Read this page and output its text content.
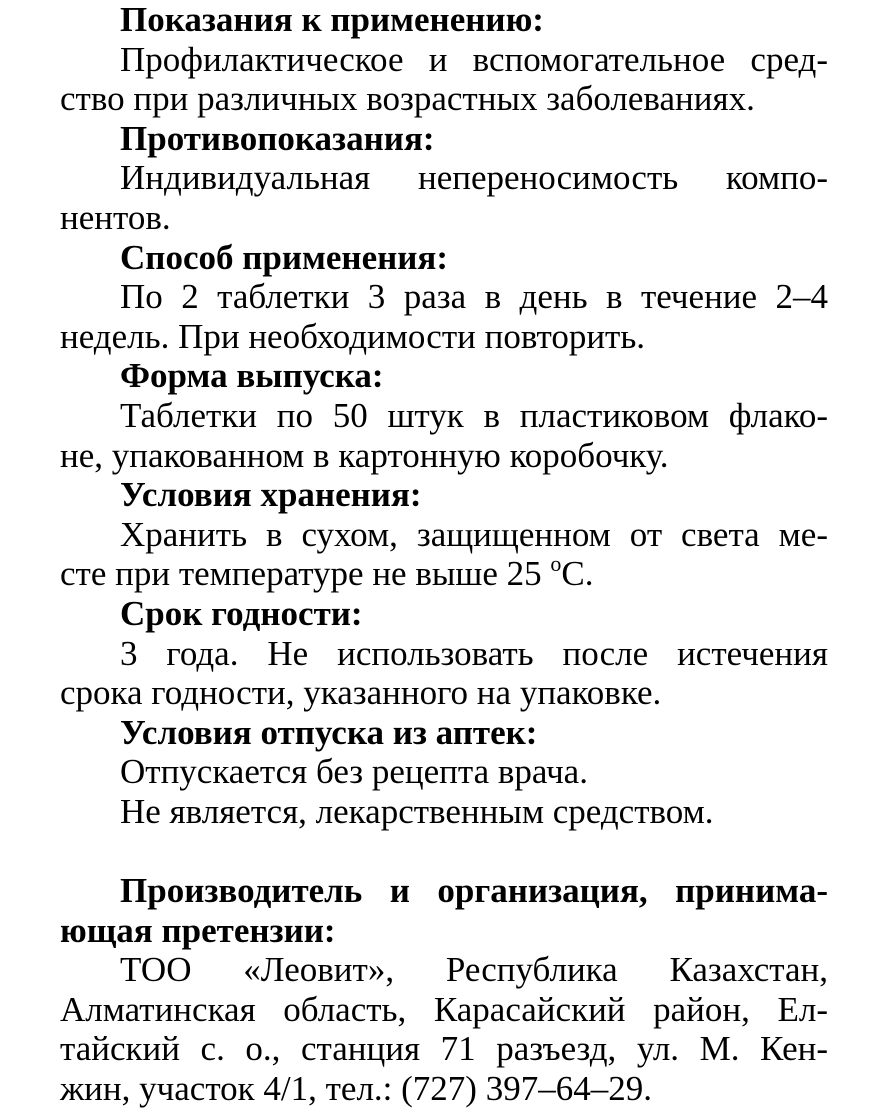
Показания к применению:
Профилактическое и вспомогательное сред-
ство при различных возрастных заболеваниях.
Противопоказания:
Индивидуальная непереносимость компо-
нентов.
Способ применения:
По 2 таблетки 3 раза в день в течение 2–4
недель. При необходимости повторить.
Форма выпуска:
Таблетки по 50 штук в пластиковом флако-
не, упакованном в картонную коробочку.
Условия хранения:
Хранить в сухом, защищенном от света ме-
сте при температуре не выше 25 $^о$С.
Срок годности:
3 года. Не использовать после истечения
срока годности, указанного на упаковке.
Условия отпуска из аптек:
Отпускается без рецепта врача.
Не является, лекарственным средством.
Производитель и организация, принима-
ющая претензии:
ТОО «Леовит», Республика Казахстан,
Алматинская область, Карасайский район, Ел-
тайский с. о., станция 71 разъезд, ул. М. Кен-
жин, участок 4/1, тел.: (727) 397–64–29.
